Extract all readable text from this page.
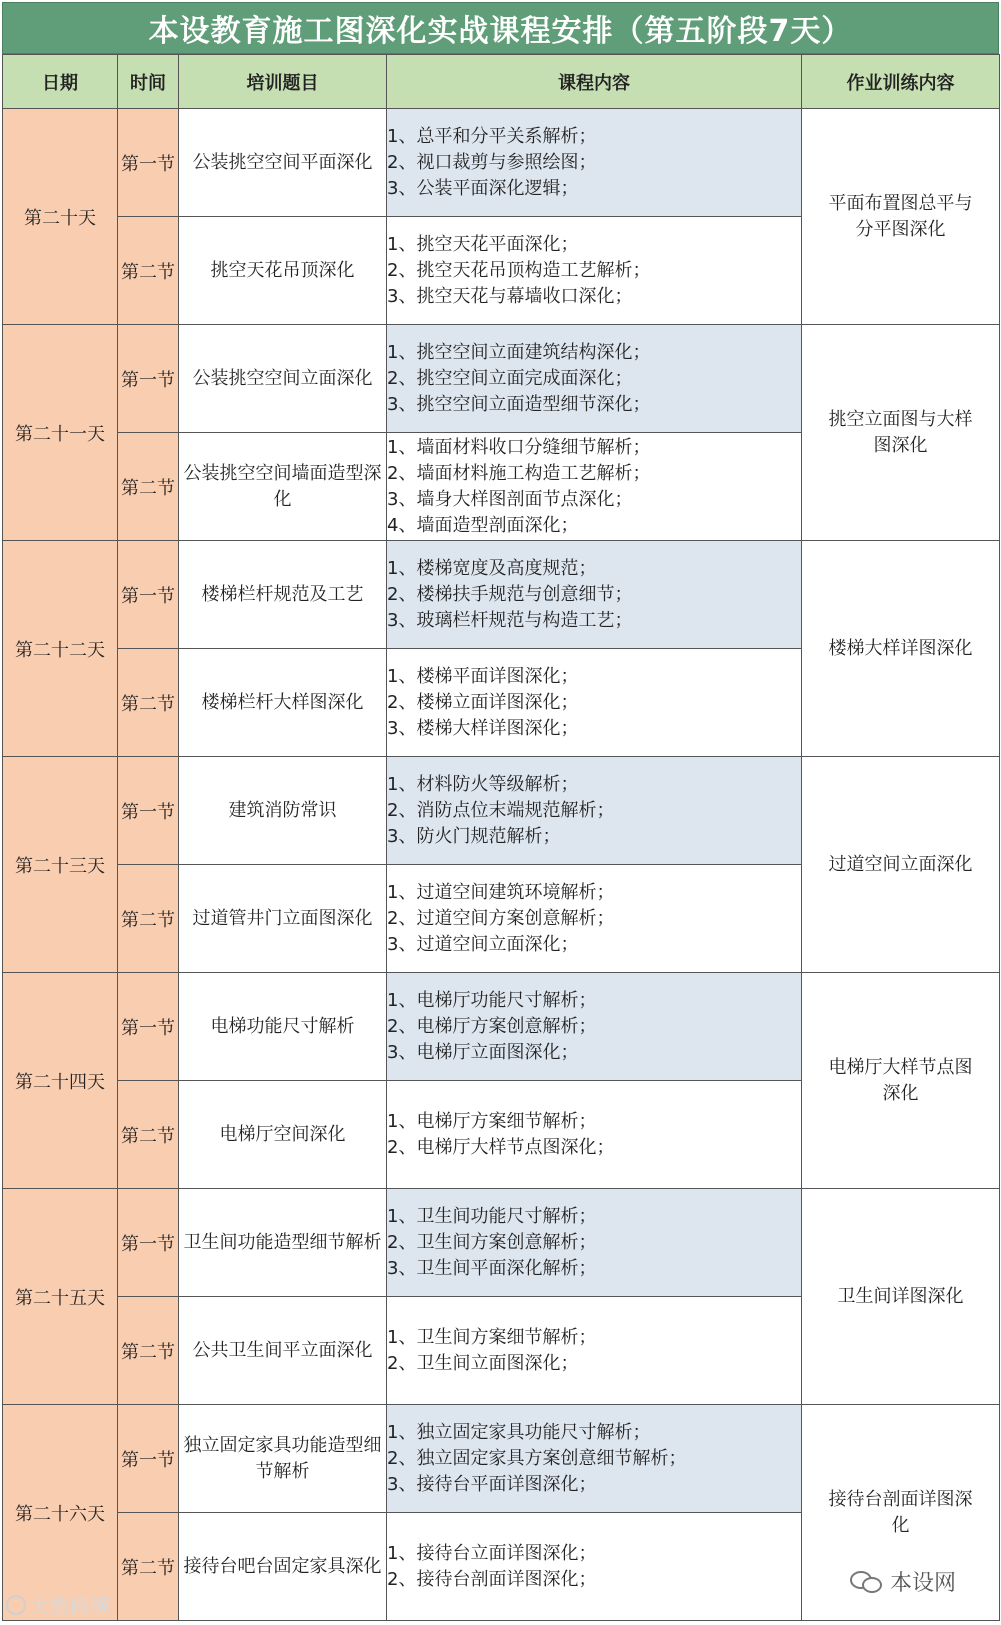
本设教育施工图深化实战课程安排（第五阶段7天）
日期	时间	培训题目	课程内容	作业训练内容
第二十天	第一节	公装挑空空间平面深化	1、总平和分平关系解析；
2、视口裁剪与参照绘图；
3、公装平面深化逻辑；	平面布置图总平与
分平图深化

	第二节	挑空天花吊顶深化	1、挑空天花平面深化；
2、挑空天花吊顶构造工艺解析；
3、挑空天花与幕墙收口深化；	

第二十一天	第一节	公装挑空空间立面深化	1、挑空空间立面建筑结构深化；
2、挑空空间立面完成面深化；
3、挑空空间立面造型细节深化；	挑空立面图与大样
图深化

	第二节	公装挑空空间墙面造型深
化	1、墙面材料收口分缝细节解析；
2、墙面材料施工构造工艺解析；
3、墙身大样图剖面节点深化；
4、墙面造型剖面深化；	

第二十二天	第一节	楼梯栏杆规范及工艺	1、楼梯宽度及高度规范；
2、楼梯扶手规范与创意细节；
3、玻璃栏杆规范与构造工艺；	楼梯大样详图深化

	第二节	楼梯栏杆大样图深化	1、楼梯平面详图深化；
2、楼梯立面详图深化；
3、楼梯大样详图深化；	

第二十三天	第一节	建筑消防常识	1、材料防火等级解析；
2、消防点位末端规范解析；
3、防火门规范解析；	过道空间立面深化

	第二节	过道管井门立面图深化	1、过道空间建筑环境解析；
2、过道空间方案创意解析；
3、过道空间立面深化；	

第二十四天	第一节	电梯功能尺寸解析	1、电梯厅功能尺寸解析；
2、电梯厅方案创意解析；
3、电梯厅立面图深化；	电梯厅大样节点图
深化

	第二节	电梯厅空间深化	1、电梯厅方案细节解析；
2、电梯厅大样节点图深化；	

第二十五天	第一节	卫生间功能造型细节解析	1、卫生间功能尺寸解析；
2、卫生间方案创意解析；
3、卫生间平面深化解析；	卫生间详图深化

	第二节	公共卫生间平立面深化	1、卫生间方案细节解析；
2、卫生间立面图深化；	

第二十六天	第一节	独立固定家具功能造型细
节解析	1、独立固定家具功能尺寸解析；
2、独立固定家具方案创意细节解析；
3、接待台平面详图深化；	接待台剖面详图深
化

	第二节	接待台吧台固定家具深化	1、接待台立面详图深化；
2、接待台剖面详图深化；	
大数跨境
本设网
